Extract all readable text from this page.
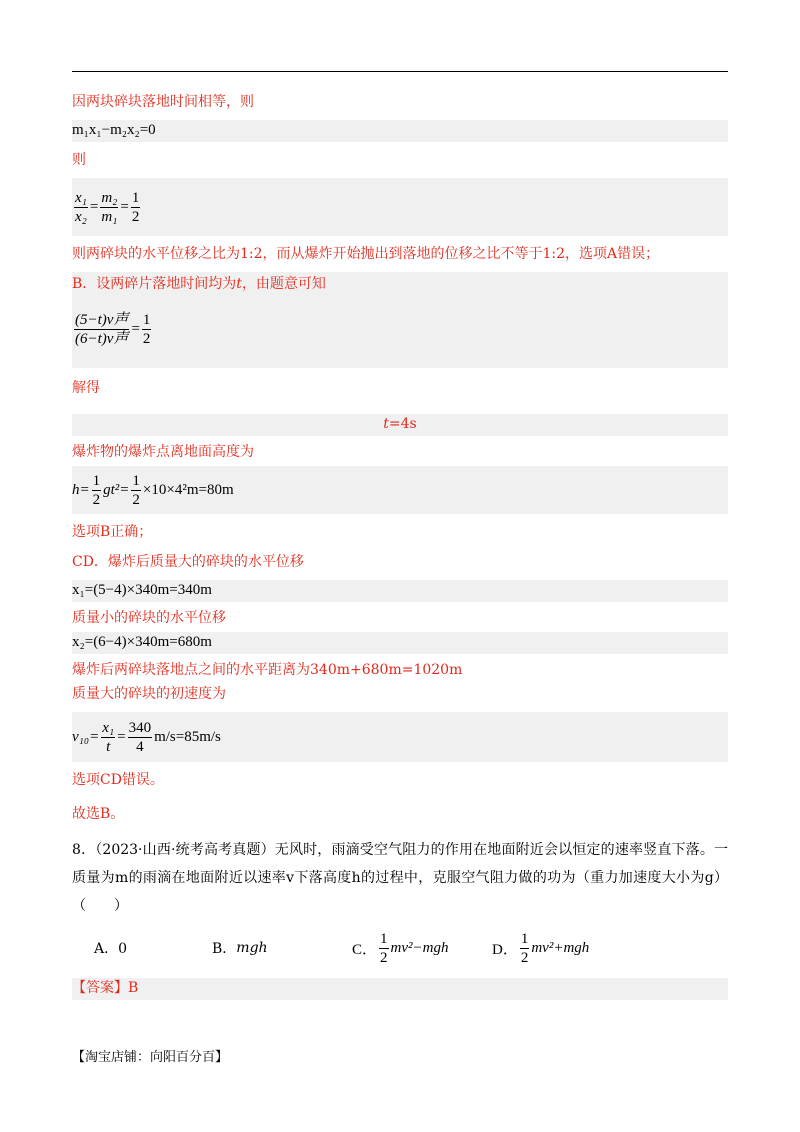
因两块碎块落地时间相等，则
m₁x₁−m₂x₂=0
则
$\frac{\text{x₁}}{\text{x₂}} = \frac{\text{m₂}}{\text{m₁}} = \frac{1}{2}$
则两碎块的水平位移之比为1:2，而从爆炸开始抛出到落地的位移之比不等于1:2，选项A错误；
B．设两碎片落地时间均为t，由题意可知
$\frac{\text{(5−t)v声}}{\text{(6−t)v声}} = \frac{1}{2}$
解得
t=4s
爆炸物的爆炸点离地面高度为
$h= \frac{1}{2} gt^2= \frac{1}{2} \times 10\times 4^2m=80m$
选项B正确；
CD．爆炸后质量大的碎块的水平位移
x₁=(5−4)×340m=340m
质量小的碎块的水平位移
x₂=(6−4)×340m=680m
爆炸后两碎块落地点之间的水平距离为340m+680m=1020m
质量大的碎块的初速度为
$v_{10}= \frac{\text{x₁}}{t} = \frac{340}{4} m/s=85m/s$
选项CD错误。
故选B。
8．（2023·山西·统考高考真题）无风时，雨滴受空气阻力的作用在地面附近会以恒定的速率竖直下落。一质量为m的雨滴在地面附近以速率v下落高度h的过程中，克服空气阻力做的功为（重力加速度大小为g）（　　）
A．0	B． mgh	C． $\frac{1}{2} mv^2-mgh$	D． $\frac{1}{2} mv^2+mgh$
【答案】B
【淘宝店铺：向阳百分百】
